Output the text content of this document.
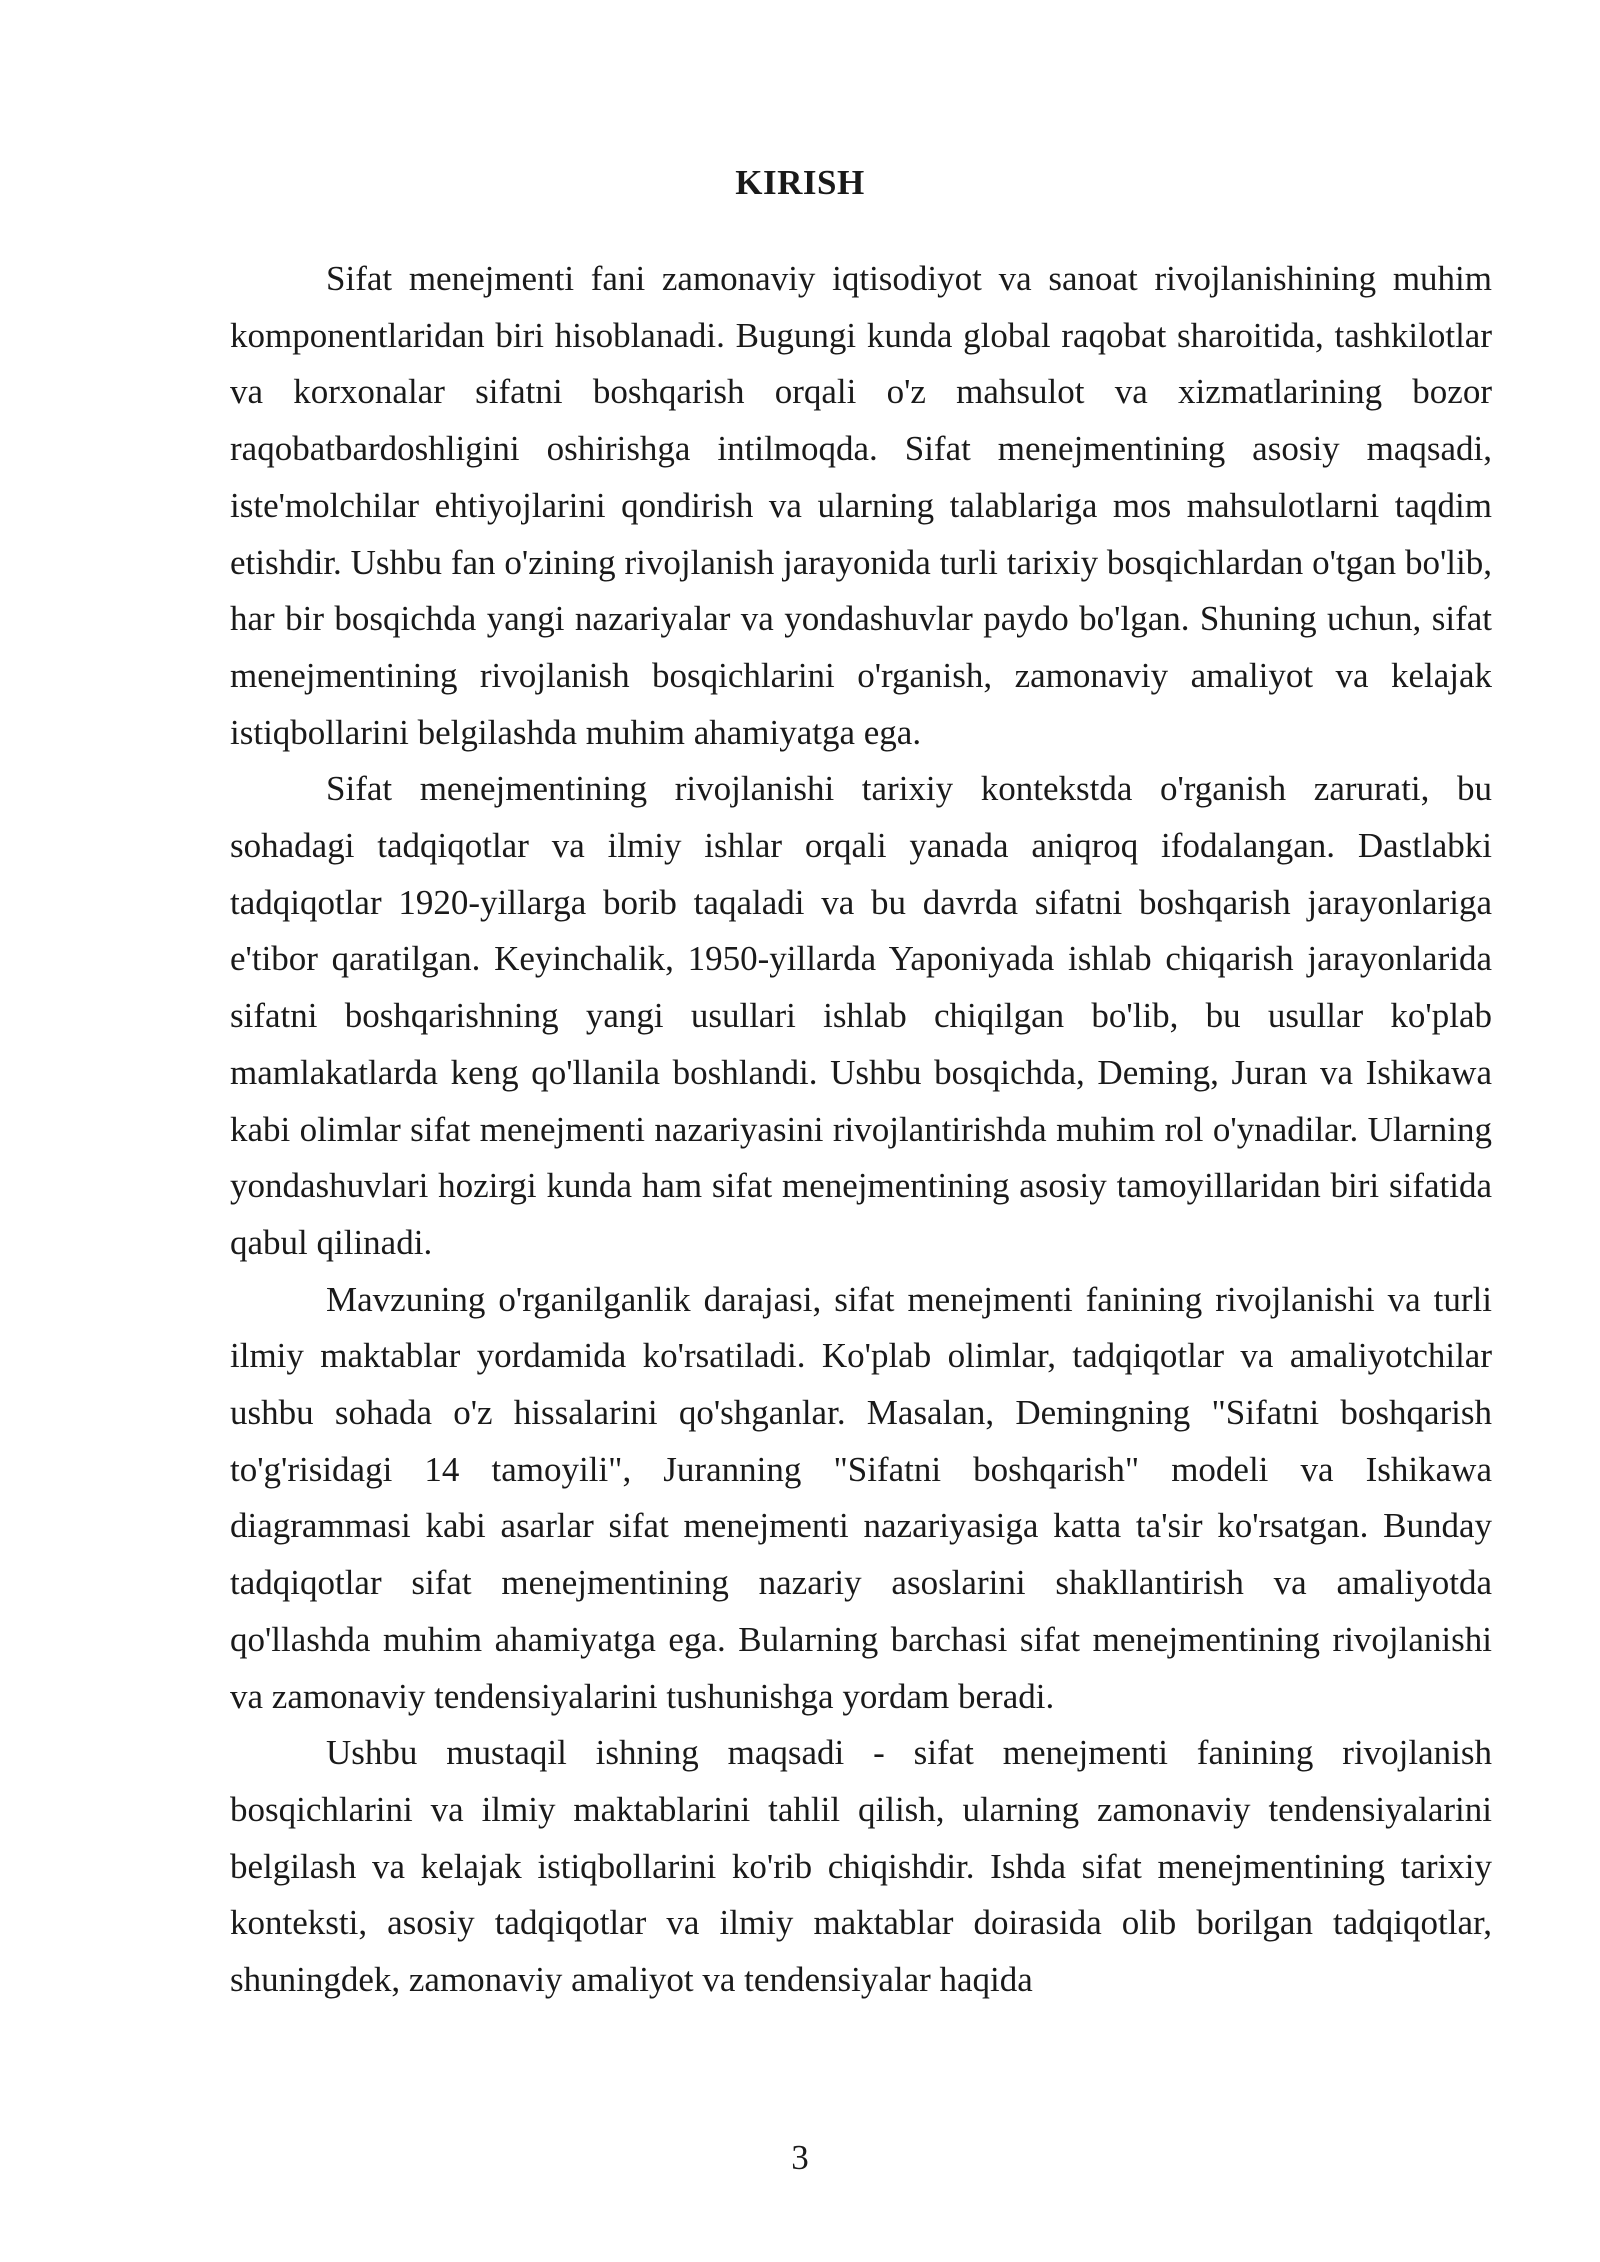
KIRISH

Sifat menejmenti fani zamonaviy iqtisodiyot va sanoat rivojlanishining muhim komponentlaridan biri hisoblanadi. Bugungi kunda global raqobat sharoitida, tashkilotlar va korxonalar sifatni boshqarish orqali o'z mahsulot va xizmatlarining bozor raqobatbardoshligini oshirishga intilmoqda. Sifat menejmentining asosiy maqsadi, iste'molchilar ehtiyojlarini qondirish va ularning talablariga mos mahsulotlarni taqdim etishdir. Ushbu fan o'zining rivojlanish jarayonida turli tarixiy bosqichlardan o'tgan bo'lib, har bir bosqichda yangi nazariyalar va yondashuvlar paydo bo'lgan. Shuning uchun, sifat menejmentining rivojlanish bosqichlarini o'rganish, zamonaviy amaliyot va kelajak istiqbollarini belgilashda muhim ahamiyatga ega.

Sifat menejmentining rivojlanishi tarixiy kontekstda o'rganish zarurati, bu sohadagi tadqiqotlar va ilmiy ishlar orqali yanada aniqroq ifodalangan. Dastlabki tadqiqotlar 1920-yillarga borib taqaladi va bu davrda sifatni boshqarish jarayonlariga e'tibor qaratilgan. Keyinchalik, 1950-yillarda Yaponiyada ishlab chiqarish jarayonlarida sifatni boshqarishning yangi usullari ishlab chiqilgan bo'lib, bu usullar ko'plab mamlakatlarda keng qo'llanila boshlandi. Ushbu bosqichda, Deming, Juran va Ishikawa kabi olimlar sifat menejmenti nazariyasini rivojlantirishda muhim rol o'ynadilar. Ularning yondashuvlari hozirgi kunda ham sifat menejmentining asosiy tamoyillaridan biri sifatida qabul qilinadi.

Mavzuning o'rganilganlik darajasi, sifat menejmenti fanining rivojlanishi va turli ilmiy maktablar yordamida ko'rsatiladi. Ko'plab olimlar, tadqiqotlar va amaliyotchilar ushbu sohada o'z hissalarini qo'shganlar. Masalan, Demingning "Sifatni boshqarish to'g'risidagi 14 tamoyili", Juranning "Sifatni boshqarish" modeli va Ishikawa diagrammasi kabi asarlar sifat menejmenti nazariyasiga katta ta'sir ko'rsatgan. Bunday tadqiqotlar sifat menejmentining nazariy asoslarini shakllantirish va amaliyotda qo'llashda muhim ahamiyatga ega. Bularning barchasi sifat menejmentining rivojlanishi va zamonaviy tendensiyalarini tushunishga yordam beradi.

Ushbu mustaqil ishning maqsadi - sifat menejmenti fanining rivojlanish bosqichlarini va ilmiy maktablarini tahlil qilish, ularning zamonaviy tendensiyalarini belgilash va kelajak istiqbollarini ko'rib chiqishdir. Ishda sifat menejmentining tarixiy konteksti, asosiy tadqiqotlar va ilmiy maktablar doirasida olib borilgan tadqiqotlar, shuningdek, zamonaviy amaliyot va tendensiyalar haqida

3
